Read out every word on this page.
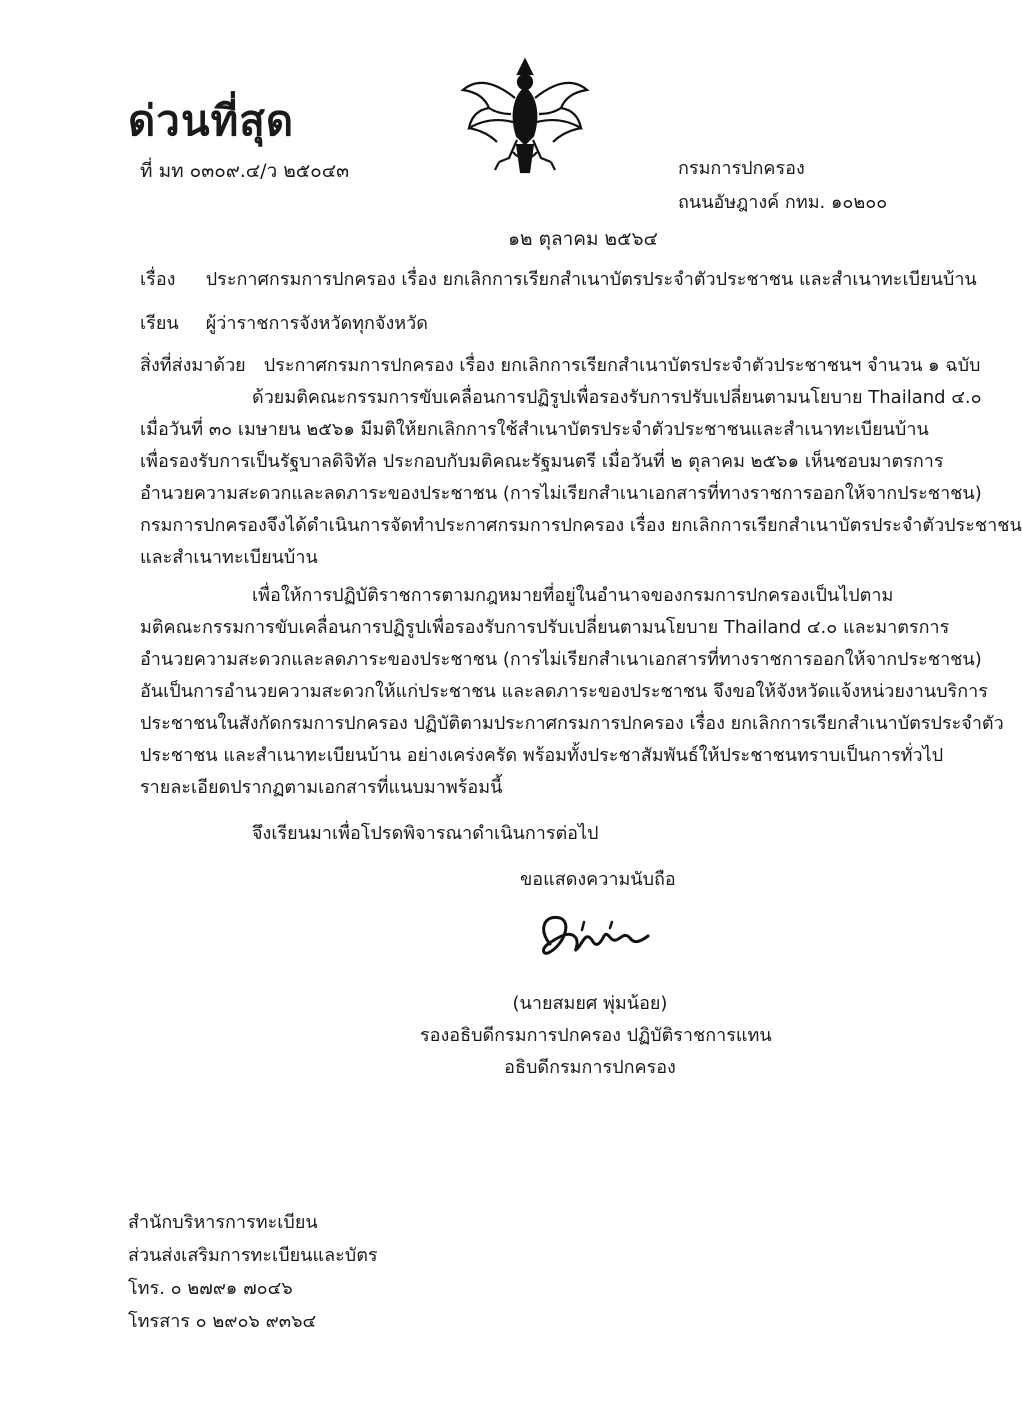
ด่วนที่สุด
ที่ มท ๐๓๐๙.๔/ว ๒๕๐๔๓	กรมการปกครอง
ถนนอัษฎางค์ กทม. ๑๐๒๐๐
๑๒ ตุลาคม ๒๕๖๔
เรื่อง ประกาศกรมการปกครอง เรื่อง ยกเลิกการเรียกสำเนาบัตรประจำตัวประชาชน และสำเนาทะเบียนบ้าน
เรียน ผู้ว่าราชการจังหวัดทุกจังหวัด
สิ่งที่ส่งมาด้วย ประกาศกรมการปกครอง เรื่อง ยกเลิกการเรียกสำเนาบัตรประจำตัวประชาชนฯ จำนวน ๑ ฉบับ
ด้วยมติคณะกรรมการขับเคลื่อนการปฏิรูปเพื่อรองรับการปรับเปลี่ยนตามนโยบาย Thailand ๔.๐
เมื่อวันที่ ๓๐ เมษายน ๒๕๖๑ มีมติให้ยกเลิกการใช้สำเนาบัตรประจำตัวประชาชนและสำเนาทะเบียนบ้าน
เพื่อรองรับการเป็นรัฐบาลดิจิทัล ประกอบกับมติคณะรัฐมนตรี เมื่อวันที่ ๒ ตุลาคม ๒๕๖๑ เห็นชอบมาตรการ
อำนวยความสะดวกและลดภาระของประชาชน (การไม่เรียกสำเนาเอกสารที่ทางราชการออกให้จากประชาชน)
กรมการปกครองจึงได้ดำเนินการจัดทำประกาศกรมการปกครอง เรื่อง ยกเลิกการเรียกสำเนาบัตรประจำตัวประชาชน
และสำเนาทะเบียนบ้าน
เพื่อให้การปฏิบัติราชการตามกฎหมายที่อยู่ในอำนาจของกรมการปกครองเป็นไปตาม
มติคณะกรรมการขับเคลื่อนการปฏิรูปเพื่อรองรับการปรับเปลี่ยนตามนโยบาย Thailand ๔.๐ และมาตรการ
อำนวยความสะดวกและลดภาระของประชาชน (การไม่เรียกสำเนาเอกสารที่ทางราชการออกให้จากประชาชน)
อันเป็นการอำนวยความสะดวกให้แก่ประชาชน และลดภาระของประชาชน จึงขอให้จังหวัดแจ้งหน่วยงานบริการ
ประชาชนในสังกัดกรมการปกครอง ปฏิบัติตามประกาศกรมการปกครอง เรื่อง ยกเลิกการเรียกสำเนาบัตรประจำตัว
ประชาชน และสำเนาทะเบียนบ้าน อย่างเคร่งครัด พร้อมทั้งประชาสัมพันธ์ให้ประชาชนทราบเป็นการทั่วไป
รายละเอียดปรากฏตามเอกสารที่แนบมาพร้อมนี้
จึงเรียนมาเพื่อโปรดพิจารณาดำเนินการต่อไป
ขอแสดงความนับถือ
(นายสมยศ พุ่มน้อย)
รองอธิบดีกรมการปกครอง ปฏิบัติราชการแทน
อธิบดีกรมการปกครอง
สำนักบริหารการทะเบียน
ส่วนส่งเสริมการทะเบียนและบัตร
โทร. ๐ ๒๗๙๑ ๗๐๔๖
โทรสาร ๐ ๒๙๐๖ ๙๓๖๔
